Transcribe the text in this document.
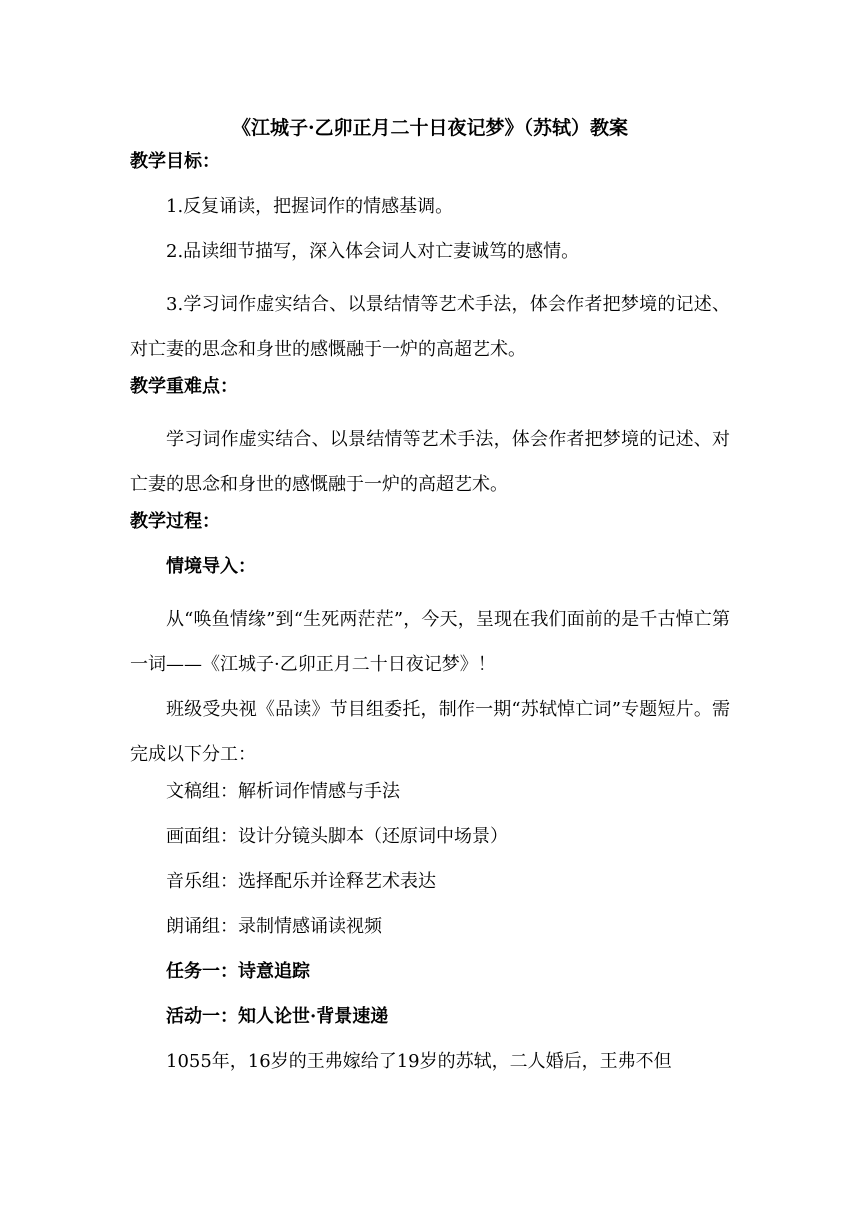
《江城子·乙卯正月二十日夜记梦》（苏轼）教案
教学目标：
1.反复诵读，把握词作的情感基调。
2.品读细节描写，深入体会词人对亡妻诚笃的感情。
3.学习词作虚实结合、以景结情等艺术手法，体会作者把梦境的记述、对亡妻的思念和身世的感慨融于一炉的高超艺术。
教学重难点：
学习词作虚实结合、以景结情等艺术手法，体会作者把梦境的记述、对亡妻的思念和身世的感慨融于一炉的高超艺术。
教学过程：
情境导入：
从“唤鱼情缘”到“生死两茫茫”，今天，呈现在我们面前的是千古悼亡第一词——《江城子·乙卯正月二十日夜记梦》！
班级受央视《品读》节目组委托，制作一期“苏轼悼亡词”专题短片。需完成以下分工：
文稿组：解析词作情感与手法
画面组：设计分镜头脚本（还原词中场景）
音乐组：选择配乐并诠释艺术表达
朗诵组：录制情感诵读视频
任务一：诗意追踪
活动一：知人论世·背景速递
1055年，16岁的王弗嫁给了19岁的苏轼，二人婚后，王弗不但
